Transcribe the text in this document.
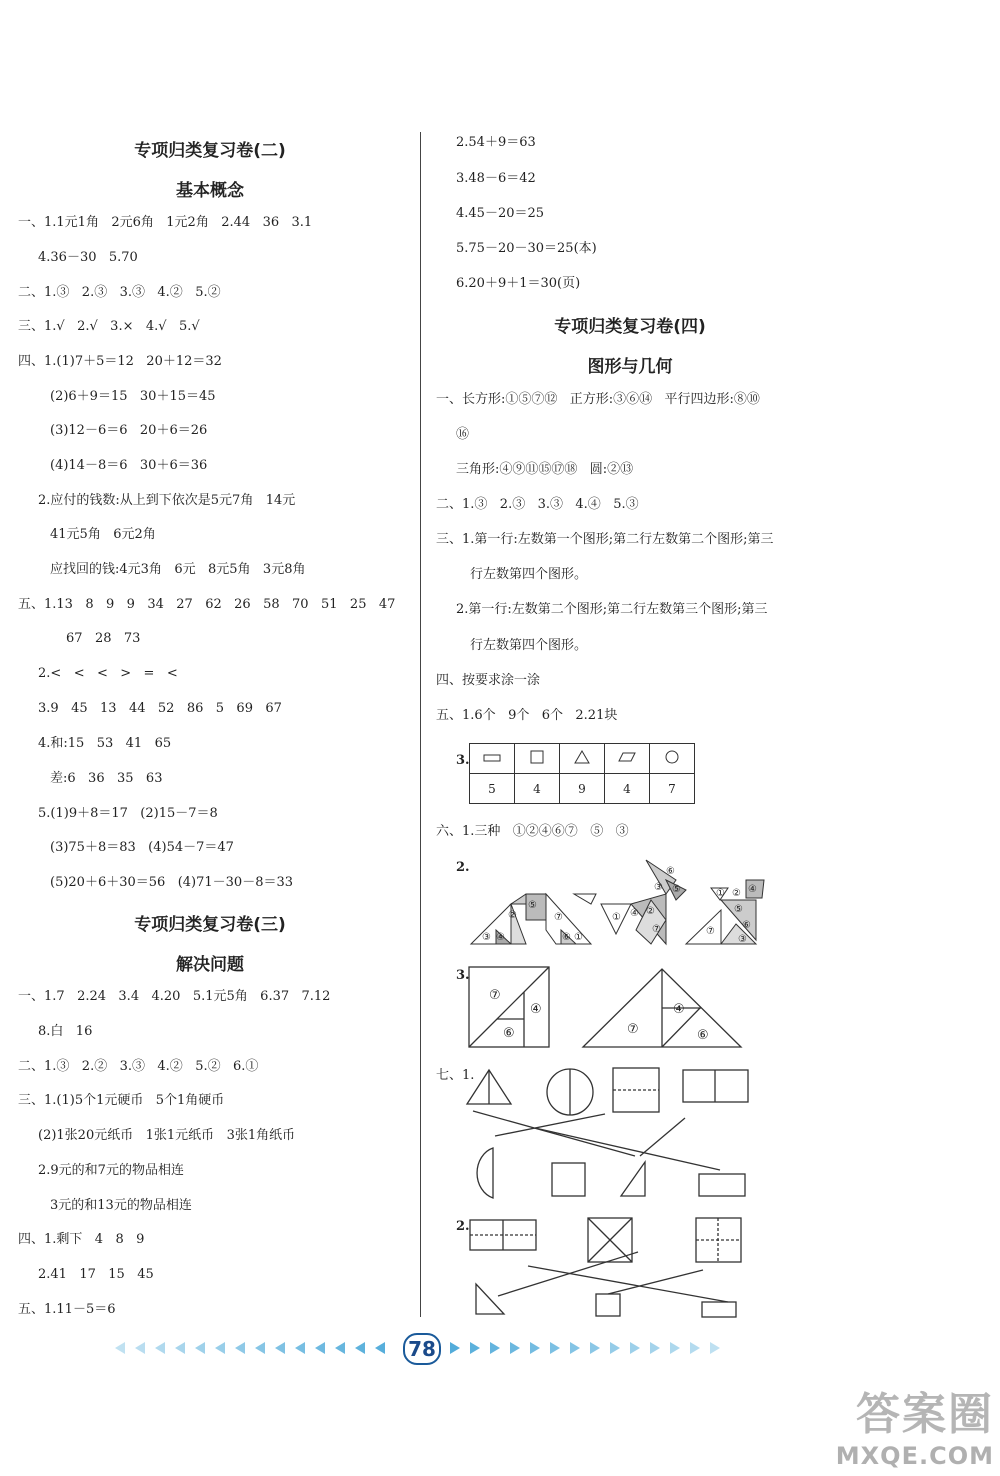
专项归类复习卷(二)
基本概念
一、1.1元1角   2元6角   1元2角   2.44   36   3.1
4.36－30   5.70
二、1.③   2.③   3.③   4.②   5.②
三、1.√   2.√   3.×   4.√   5.√
四、1.(1)7＋5＝12   20＋12＝32
(2)6＋9＝15   30＋15＝45
(3)12－6＝6   20＋6＝26
(4)14－8＝6   30＋6＝36
2.应付的钱数:从上到下依次是5元7角   14元
41元5角   6元2角
应找回的钱:4元3角   6元   8元5角   3元8角
五、1.13   8   9   9   34   27   62   26   58   70   51   25   47
67   28   73
2.<   <   <   >   =   <
3.9   45   13   44   52   86   5   69   67
4.和:15   53   41   65
差:6   36   35   63
5.(1)9＋8＝17   (2)15－7＝8
(3)75＋8＝83   (4)54－7＝47
(5)20＋6＋30＝56   (4)71－30－8＝33
专项归类复习卷(三)
解决问题
一、1.7   2.24   3.4   4.20   5.1元5角   6.37   7.12
8.白   16
二、1.③   2.②   3.③   4.②   5.②   6.①
三、1.(1)5个1元硬币   5个1角硬币
(2)1张20元纸币   1张1元纸币   3张1角纸币
2.9元的和7元的物品相连
3元的和13元的物品相连
四、1.剩下   4   8   9
2.41   17   15   45
五、1.11－5＝6
2.54＋9＝63
3.48－6＝42
4.45－20＝25
5.75－20－30＝25(本)
6.20＋9＋1＝30(页)
专项归类复习卷(四)
图形与几何
一、长方形:①⑤⑦⑫   正方形:③⑥⑭   平行四边形:⑧⑩
⑯
三角形:④⑨⑪⑮⑰⑱   圆:②⑬
二、1.③   2.③   3.③   4.④   5.③
三、1.第一行:左数第一个图形;第二行左数第二个图形;第三
行左数第四个图形。
2.第一行:左数第二个图形;第二行左数第三个图形;第三
行左数第四个图形。
四、按要求涂一涂
五、1.6个   9个   6个   2.21块
3.

5	4	9	4	7
六、1.三种   ①②④⑥⑦   ⑤   ③
2.
②
⑤
⑦
③ ④	⑥ ①
⑥
⑤
③
①
②
④
⑦
① ② ④
⑤
⑥
⑦
③
3.
⑦
④
⑥	⑦
④
⑥
七、1.
2.
78
答案圈
MXQE.COM
